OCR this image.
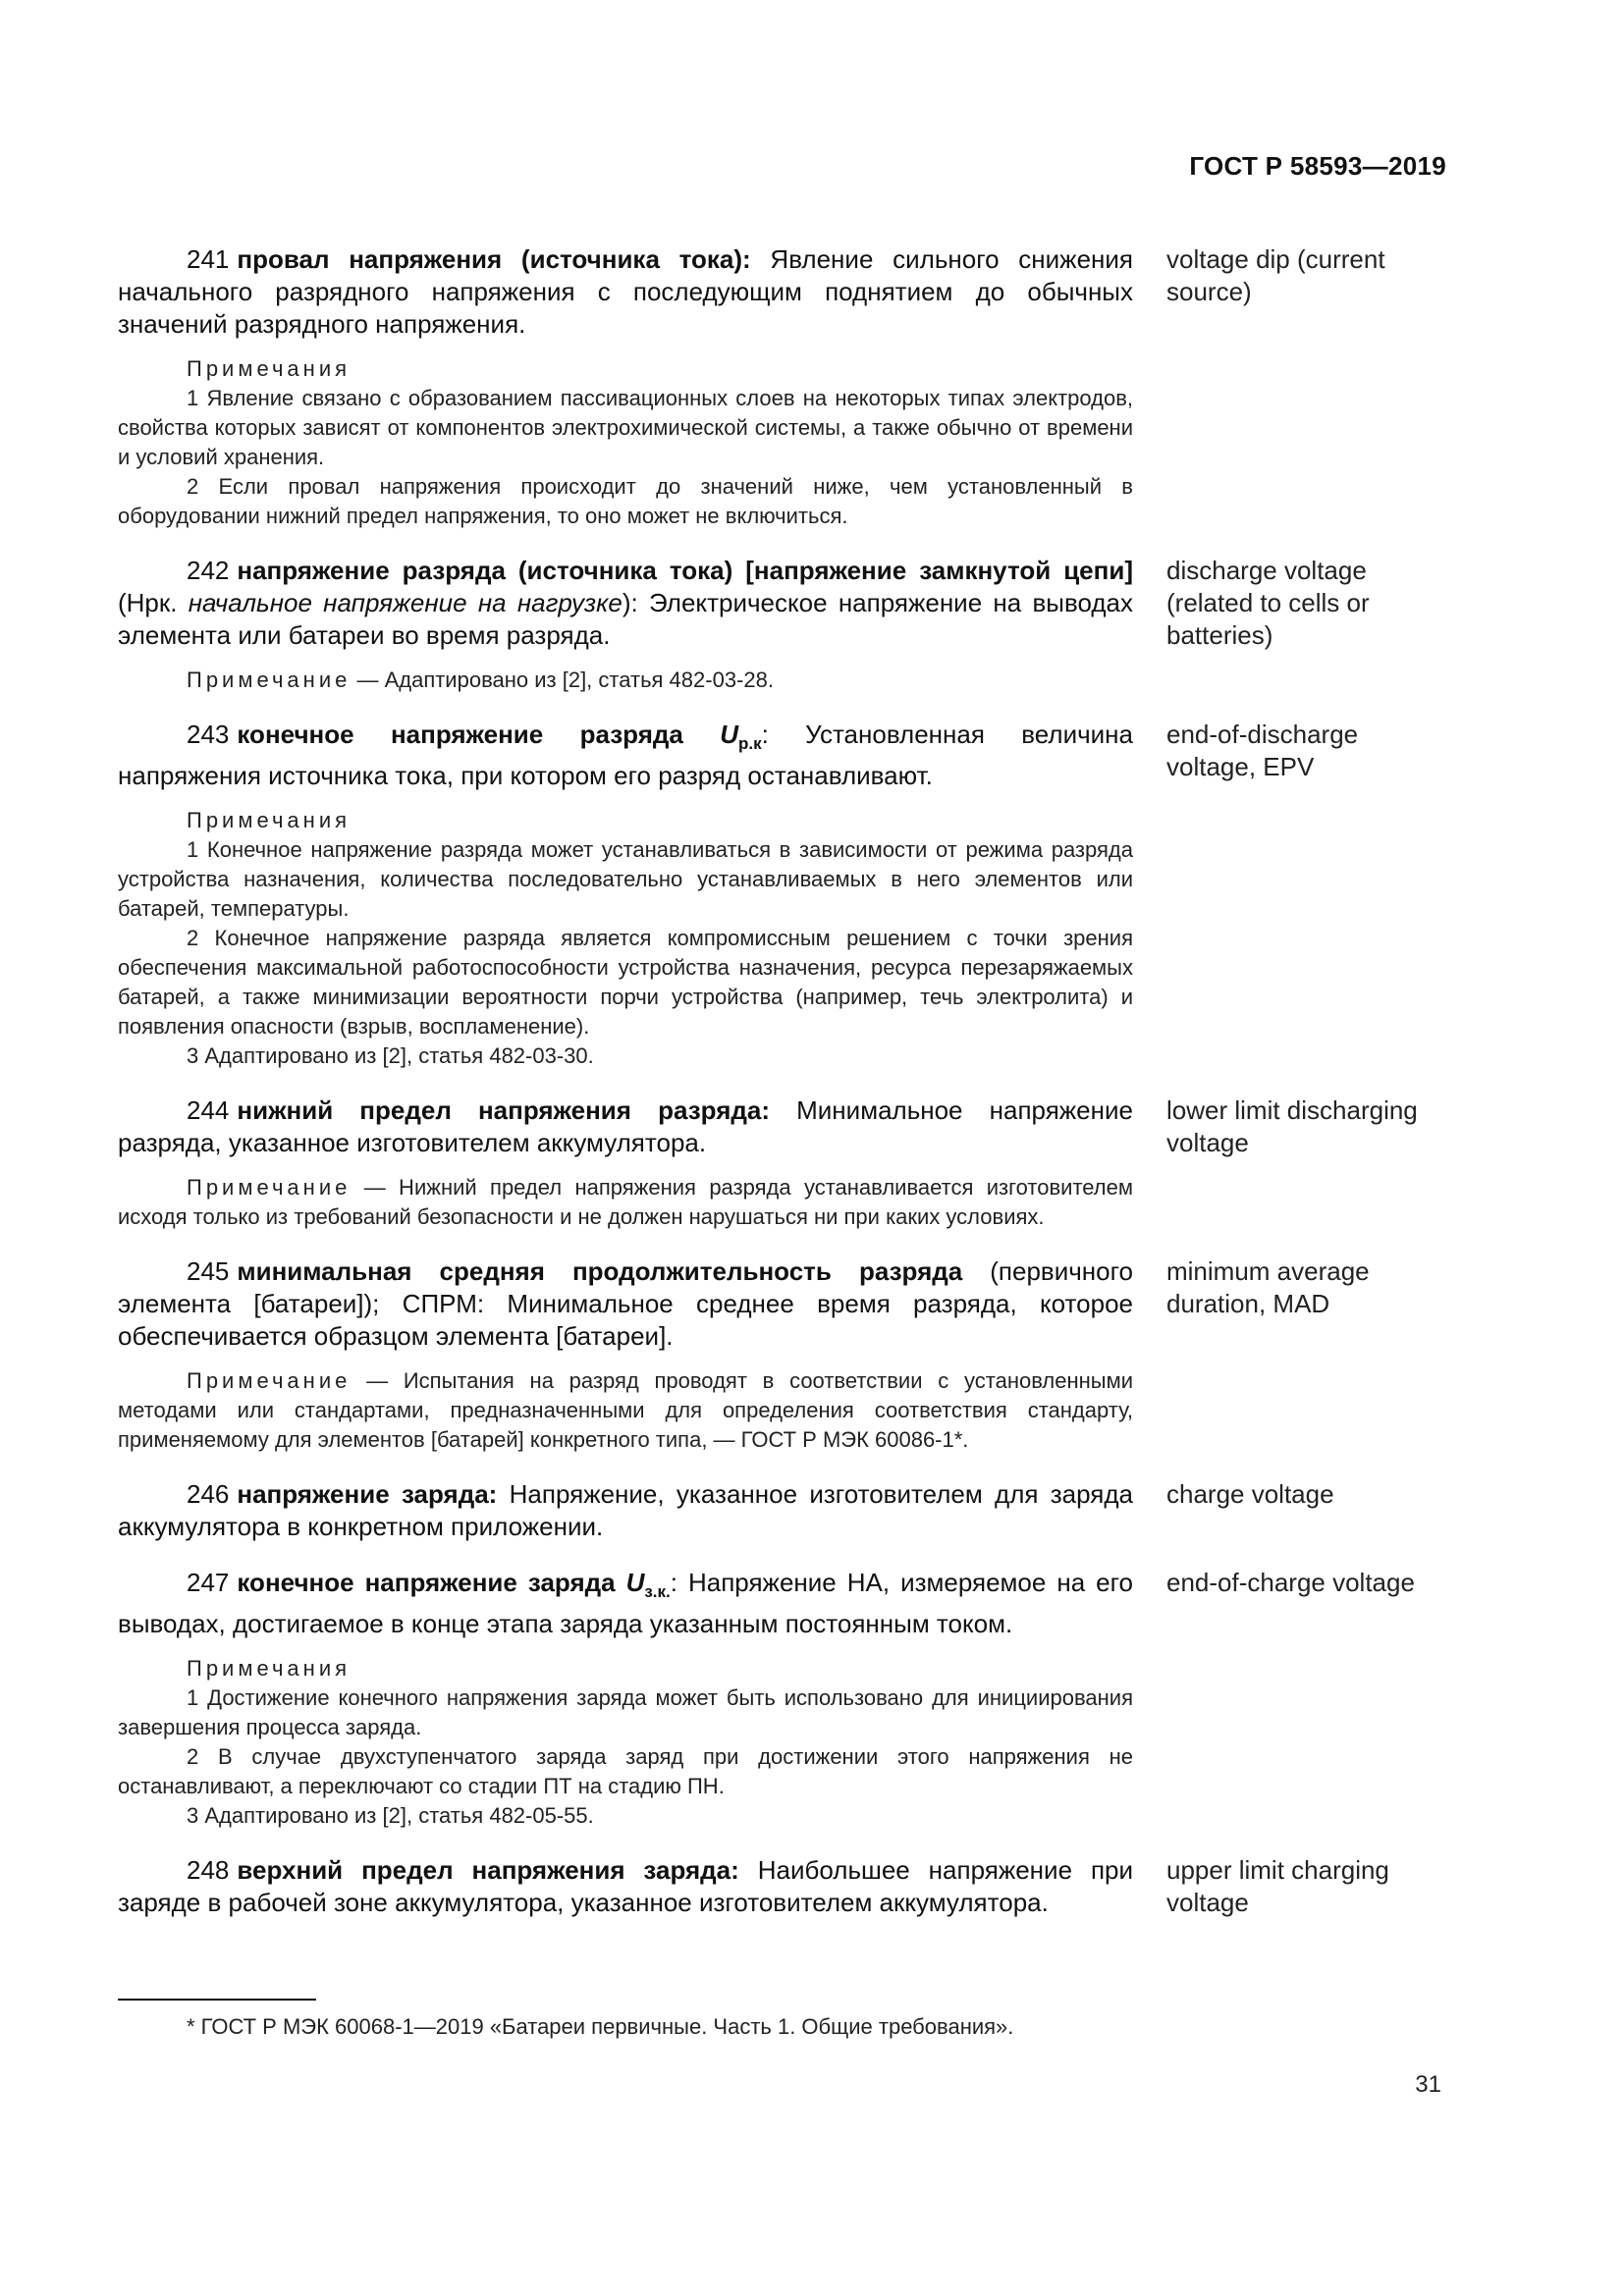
ГОСТ Р 58593—2019
241 провал напряжения (источника тока): Явление сильного снижения начального разрядного напряжения с последующим поднятием до обычных значений разрядного напряжения.
voltage dip (current source)

Примечания

1 Явление связано с образованием пассивационных слоев на некоторых типах электродов, свойства которых зависят от компонентов электрохимической системы, а также обычно от времени и условий хранения.

2 Если провал напряжения происходит до значений ниже, чем установленный в оборудовании нижний предел напряжения, то оно может не включиться.

242 напряжение разряда (источника тока) [напряжение замкнутой цепи] (Нрк. начальное напряжение на нагрузке): Электрическое напряжение на выводах элемента или батареи во время разряда.
discharge voltage (related to cells or batteries)

Примечание — Адаптировано из [2], статья 482-03-28.

243 конечное напряжение разряда $U_{р.к}$: Установленная величина напряжения источника тока, при котором его разряд останавливают.
end-of-discharge voltage, EPV

Примечания

1 Конечное напряжение разряда может устанавливаться в зависимости от режима разряда устройства назначения, количества последовательно устанавливаемых в него элементов или батарей, температуры.

2 Конечное напряжение разряда является компромиссным решением с точки зрения обеспечения максимальной работоспособности устройства назначения, ресурса перезаряжаемых батарей, а также минимизации вероятности порчи устройства (например, течь электролита) и появления опасности (взрыв, воспламенение).

3 Адаптировано из [2], статья 482-03-30.

244 нижний предел напряжения разряда: Минимальное напряжение разряда, указанное изготовителем аккумулятора.
lower limit discharging voltage

Примечание — Нижний предел напряжения разряда устанавливается изготовителем исходя только из требований безопасности и не должен нарушаться ни при каких условиях.

245 минимальная средняя продолжительность разряда (первичного элемента [батареи]); СПРМ: Минимальное среднее время разряда, которое обеспечивается образцом элемента [батареи].
minimum average duration, MAD

Примечание — Испытания на разряд проводят в соответствии с установленными методами или стандартами, предназначенными для определения соответствия стандарту, применяемому для элементов [батарей] конкретного типа, — ГОСТ Р МЭК 60086-1*.

246 напряжение заряда: Напряжение, указанное изготовителем для заряда аккумулятора в конкретном приложении.
charge voltage
247 конечное напряжение заряда $U_{з.к.}$: Напряжение НА, измеряемое на его выводах, достигаемое в конце этапа заряда указанным постоянным током.
end-of-charge voltage

Примечания

1 Достижение конечного напряжения заряда может быть использовано для инициирования завершения процесса заряда.

2 В случае двухступенчатого заряда заряд при достижении этого напряжения не останавливают, а переключают со стадии ПТ на стадию ПН.

3 Адаптировано из [2], статья 482-05-55.

248 верхний предел напряжения заряда: Наибольшее напряжение при заряде в рабочей зоне аккумулятора, указанное изготовителем аккумулятора.
upper limit charging voltage
* ГОСТ Р МЭК 60068-1—2019 «Батареи первичные. Часть 1. Общие требования».
31
